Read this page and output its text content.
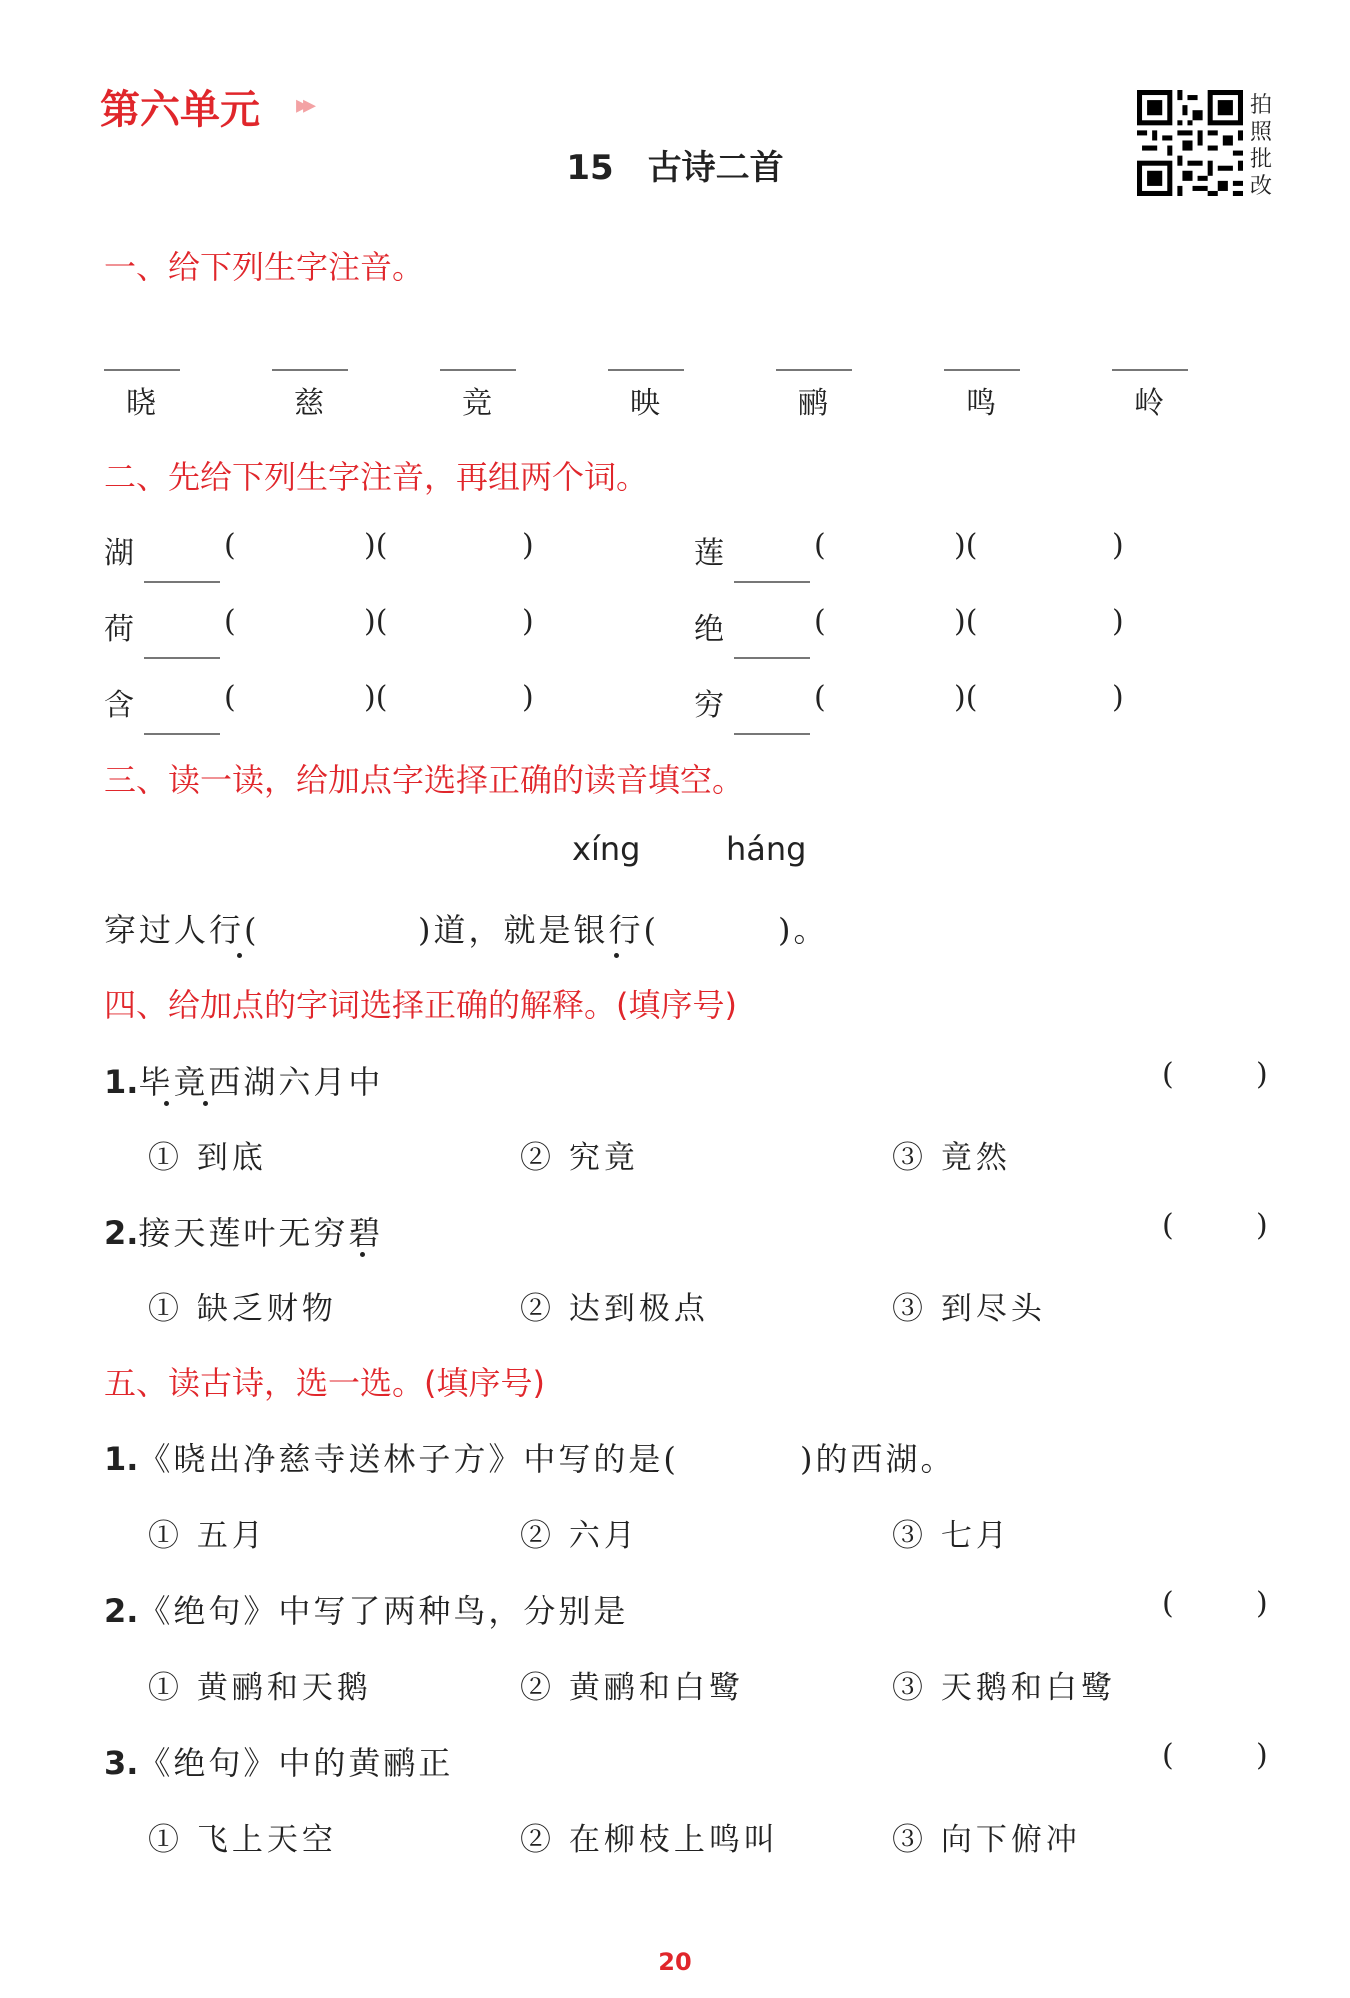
第六单元 ▸▸
15　古诗二首
拍照批改
一、给下列生字注音。
晓	慈	竞	映	鹂	鸣	岭
二、先给下列生字注音，再组两个词。
湖	(	)(	)	莲	(	)(	)
荷	(	)(	)	绝	(	)(	)
含	(	)(	)	穷	(	)(	)
三、读一读，给加点字选择正确的读音填空。
xíng	háng
穿过人行(	)道，就是银行(	)。
四、给加点的字词选择正确的解释。(填序号)
1.毕竟西湖六月中	(	)
① 到底	② 究竟	③ 竟然
2.接天莲叶无穷碧	(	)
① 缺乏财物	② 达到极点	③ 到尽头
五、读古诗，选一选。(填序号)
1.《晓出净慈寺送林子方》中写的是(	)的西湖。
① 五月	② 六月	③ 七月
2.《绝句》中写了两种鸟，分别是	(	)
① 黄鹂和天鹅	② 黄鹂和白鹭	③ 天鹅和白鹭
3.《绝句》中的黄鹂正	(	)
① 飞上天空	② 在柳枝上鸣叫	③ 向下俯冲
20
